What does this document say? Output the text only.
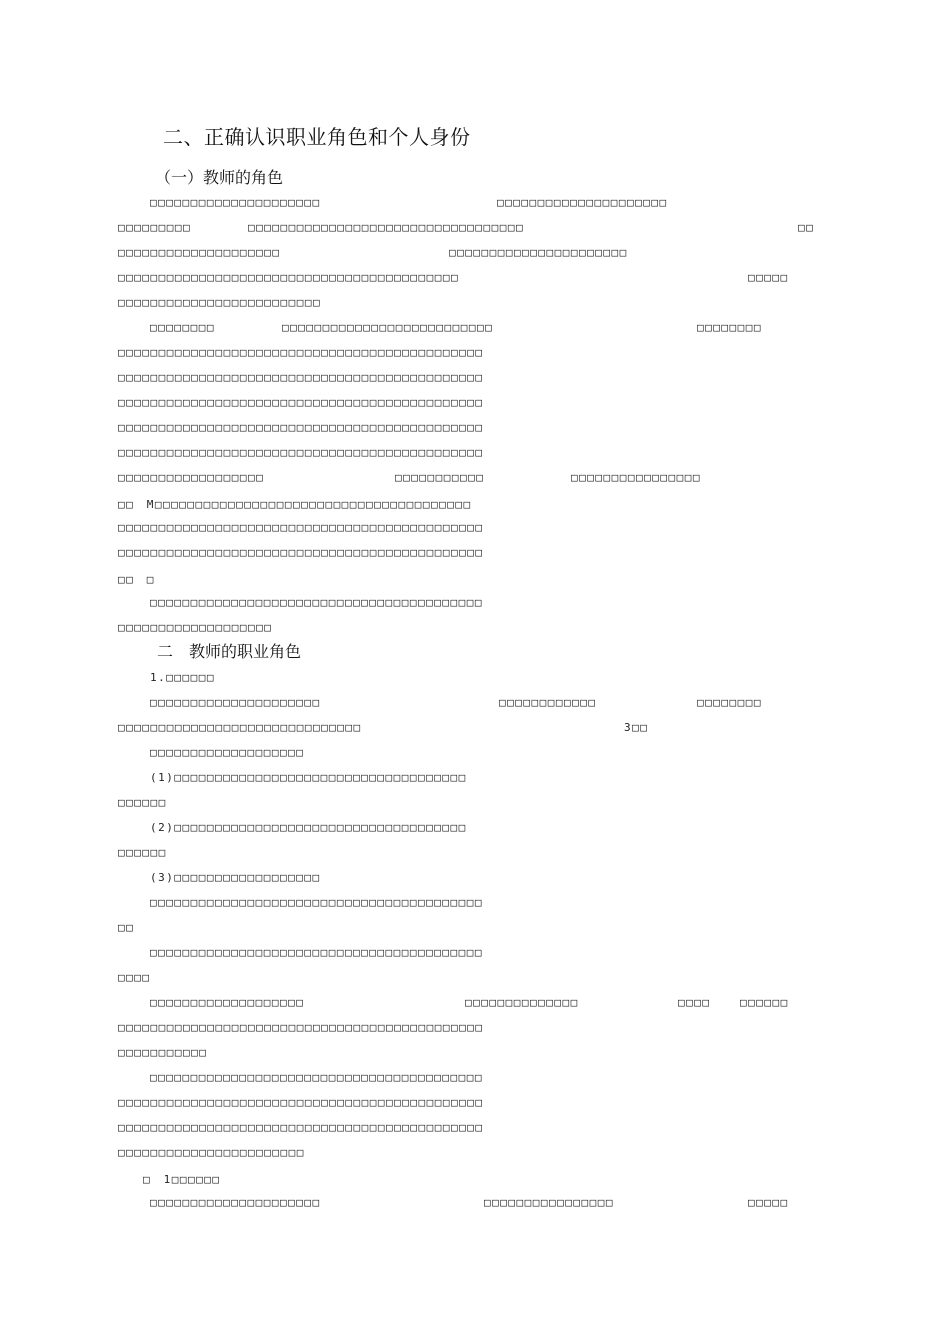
二、正确认识职业角色和个人身份
（一）教师的角色
□□□□□□□□□□□□□□□□□□□□□	□□□□□□□□□□□□□□□□□□□□□
□□□□□□□□□	□□□□□□□□□□□□□□□□□□□□□□□□□□□□□□□□□□	□□
□□□□□□□□□□□□□□□□□□□□	□□□□□□□□□□□□□□□□□□□□□□
□□□□□□□□□□□□□□□□□□□□□□□□□□□□□□□□□□□□□□□□□□	□□□□□
□□□□□□□□□□□□□□□□□□□□□□□□□
□□□□□□□□	□□□□□□□□□□□□□□□□□□□□□□□□□□	□□□□□□□□
□□□□□□□□□□□□□□□□□□□□□□□□□□□□□□□□□□□□□□□□□□□□□
□□□□□□□□□□□□□□□□□□□□□□□□□□□□□□□□□□□□□□□□□□□□□
□□□□□□□□□□□□□□□□□□□□□□□□□□□□□□□□□□□□□□□□□□□□□
□□□□□□□□□□□□□□□□□□□□□□□□□□□□□□□□□□□□□□□□□□□□□
□□□□□□□□□□□□□□□□□□□□□□□□□□□□□□□□□□□□□□□□□□□□□
□□□□□□□□□□□□□□□□□□	□□□□□□□□□□□	□□□□□□□□□□□□□□□□
□□　M□□□□□□□□□□□□□□□□□□□□□□□□□□□□□□□□□□□□□□□
□□□□□□□□□□□□□□□□□□□□□□□□□□□□□□□□□□□□□□□□□□□□□
□□□□□□□□□□□□□□□□□□□□□□□□□□□□□□□□□□□□□□□□□□□□□
□□　□
□□□□□□□□□□□□□□□□□□□□□□□□□□□□□□□□□□□□□□□□□
□□□□□□□□□□□□□□□□□□□
二　教师的职业角色
1.□□□□□□
□□□□□□□□□□□□□□□□□□□□□	□□□□□□□□□□□□	□□□□□□□□
□□□□□□□□□□□□□□□□□□□□□□□□□□□□□□	3□□
□□□□□□□□□□□□□□□□□□□
(1)□□□□□□□□□□□□□□□□□□□□□□□□□□□□□□□□□□□□
□□□□□□
(2)□□□□□□□□□□□□□□□□□□□□□□□□□□□□□□□□□□□□
□□□□□□
(3)□□□□□□□□□□□□□□□□□□
□□□□□□□□□□□□□□□□□□□□□□□□□□□□□□□□□□□□□□□□□
□□
□□□□□□□□□□□□□□□□□□□□□□□□□□□□□□□□□□□□□□□□□
□□□□
□□□□□□□□□□□□□□□□□□□	□□□□□□□□□□□□□□	□□□□	□□□□□□
□□□□□□□□□□□□□□□□□□□□□□□□□□□□□□□□□□□□□□□□□□□□□
□□□□□□□□□□□
□□□□□□□□□□□□□□□□□□□□□□□□□□□□□□□□□□□□□□□□□
□□□□□□□□□□□□□□□□□□□□□□□□□□□□□□□□□□□□□□□□□□□□□
□□□□□□□□□□□□□□□□□□□□□□□□□□□□□□□□□□□□□□□□□□□□□
□□□□□□□□□□□□□□□□□□□□□□□
□　1□□□□□□
□□□□□□□□□□□□□□□□□□□□□	□□□□□□□□□□□□□□□□	□□□□□
